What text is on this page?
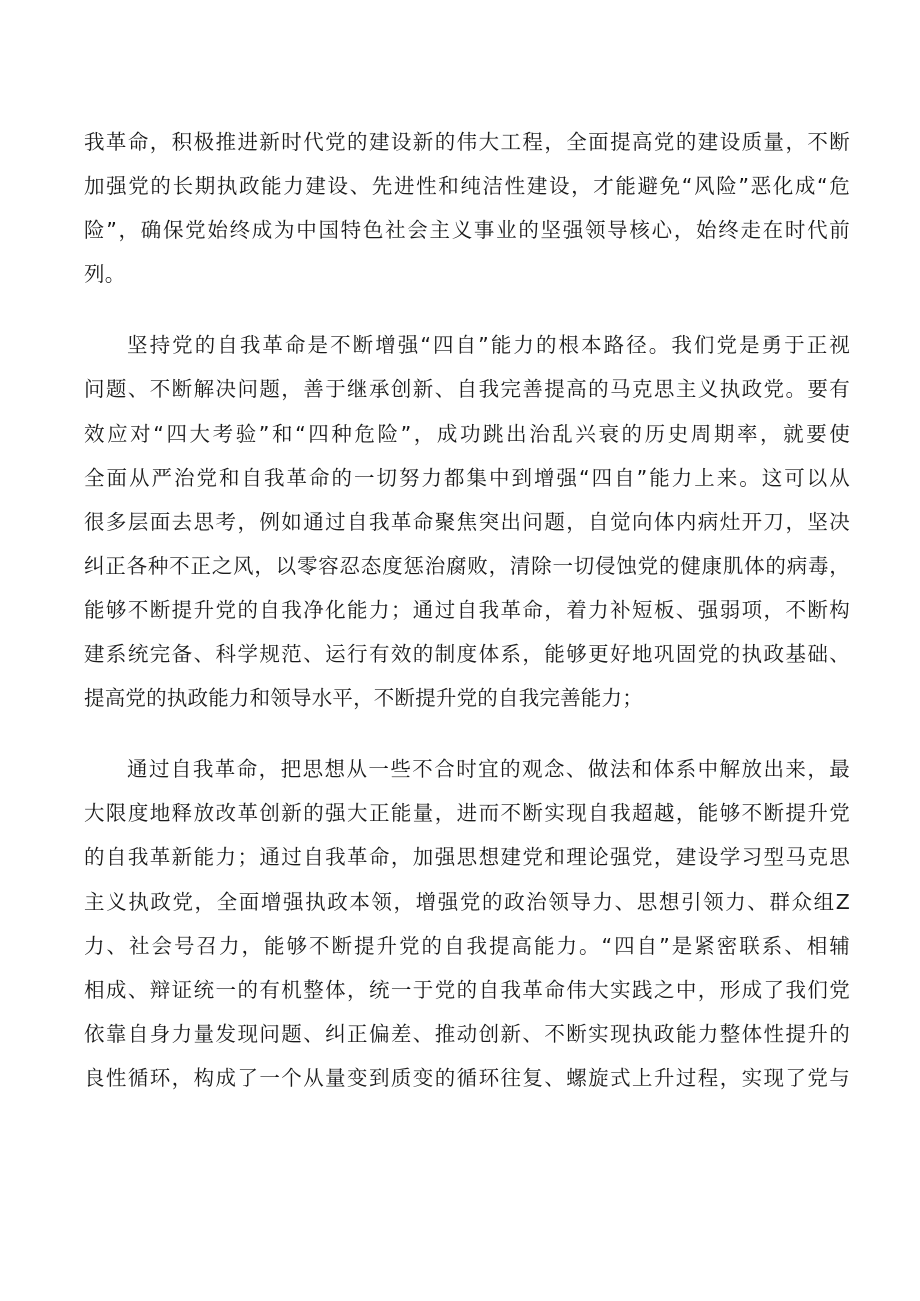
我革命，积极推进新时代党的建设新的伟大工程，全面提高党的建设质量，不断
加强党的长期执政能力建设、先进性和纯洁性建设，才能避免“风险”恶化成“危
险”，确保党始终成为中国特色社会主义事业的坚强领导核心，始终走在时代前
列。
坚持党的自我革命是不断增强“四自”能力的根本路径。我们党是勇于正视
问题、不断解决问题，善于继承创新、自我完善提高的马克思主义执政党。要有
效应对“四大考验”和“四种危险”，成功跳出治乱兴衰的历史周期率，就要使
全面从严治党和自我革命的一切努力都集中到增强“四自”能力上来。这可以从
很多层面去思考，例如通过自我革命聚焦突出问题，自觉向体内病灶开刀，坚决
纠正各种不正之风，以零容忍态度惩治腐败，清除一切侵蚀党的健康肌体的病毒，
能够不断提升党的自我净化能力；通过自我革命，着力补短板、强弱项，不断构
建系统完备、科学规范、运行有效的制度体系，能够更好地巩固党的执政基础、
提高党的执政能力和领导水平，不断提升党的自我完善能力；
通过自我革命，把思想从一些不合时宜的观念、做法和体系中解放出来，最
大限度地释放改革创新的强大正能量，进而不断实现自我超越，能够不断提升党
的自我革新能力；通过自我革命，加强思想建党和理论强党，建设学习型马克思
主义执政党，全面增强执政本领，增强党的政治领导力、思想引领力、群众组Z
力、社会号召力，能够不断提升党的自我提高能力。“四自”是紧密联系、相辅
相成、辩证统一的有机整体，统一于党的自我革命伟大实践之中，形成了我们党
依靠自身力量发现问题、纠正偏差、推动创新、不断实现执政能力整体性提升的
良性循环，构成了一个从量变到质变的循环往复、螺旋式上升过程，实现了党与
